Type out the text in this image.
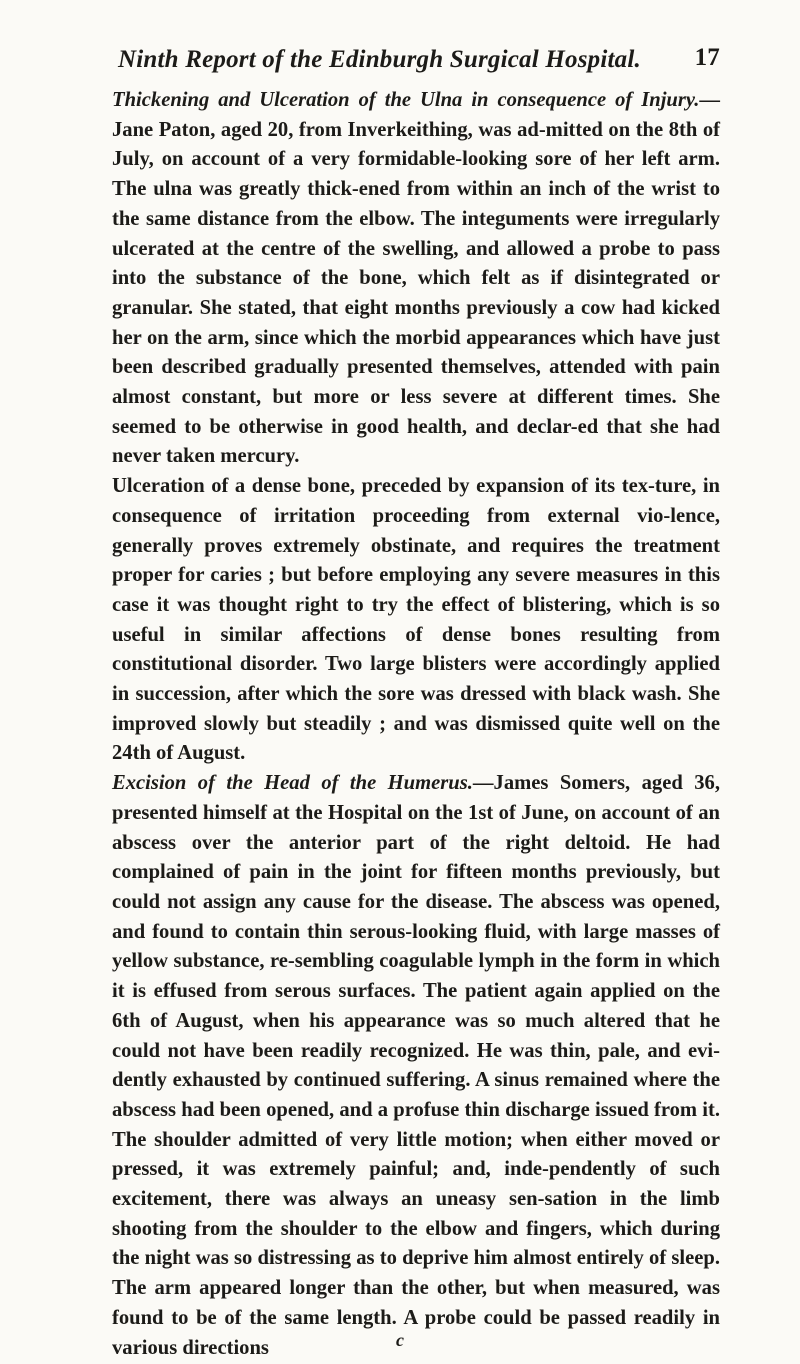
Ninth Report of the Edinburgh Surgical Hospital. 17

Thickening and Ulceration of the Ulna in consequence of Injury.—Jane Paton, aged 20, from Inverkeithing, was ad-mitted on the 8th of July, on account of a very formidable-looking sore of her left arm. The ulna was greatly thick-ened from within an inch of the wrist to the same distance from the elbow. The integuments were irregularly ulcerated at the centre of the swelling, and allowed a probe to pass into the substance of the bone, which felt as if disintegrated or granular. She stated, that eight months previously a cow had kicked her on the arm, since which the morbid appearances which have just been described gradually presented themselves, attended with pain almost constant, but more or less severe at different times. She seemed to be otherwise in good health, and declar-ed that she had never taken mercury.

Ulceration of a dense bone, preceded by expansion of its tex-ture, in consequence of irritation proceeding from external vio-lence, generally proves extremely obstinate, and requires the treatment proper for caries ; but before employing any severe measures in this case it was thought right to try the effect of blistering, which is so useful in similar affections of dense bones resulting from constitutional disorder. Two large blisters were accordingly applied in succession, after which the sore was dressed with black wash. She improved slowly but steadily ; and was dismissed quite well on the 24th of August.

Excision of the Head of the Humerus.—James Somers, aged 36, presented himself at the Hospital on the 1st of June, on account of an abscess over the anterior part of the right deltoid. He had complained of pain in the joint for fifteen months previously, but could not assign any cause for the disease. The abscess was opened, and found to contain thin serous-looking fluid, with large masses of yellow substance, re-sembling coagulable lymph in the form in which it is effused from serous surfaces. The patient again applied on the 6th of August, when his appearance was so much altered that he could not have been readily recognized. He was thin, pale, and evi-dently exhausted by continued suffering. A sinus remained where the abscess had been opened, and a profuse thin discharge issued from it. The shoulder admitted of very little motion; when either moved or pressed, it was extremely painful; and, inde-pendently of such excitement, there was always an uneasy sen-sation in the limb shooting from the shoulder to the elbow and fingers, which during the night was so distressing as to deprive him almost entirely of sleep. The arm appeared longer than the other, but when measured, was found to be of the same length. A probe could be passed readily in various directions	c
